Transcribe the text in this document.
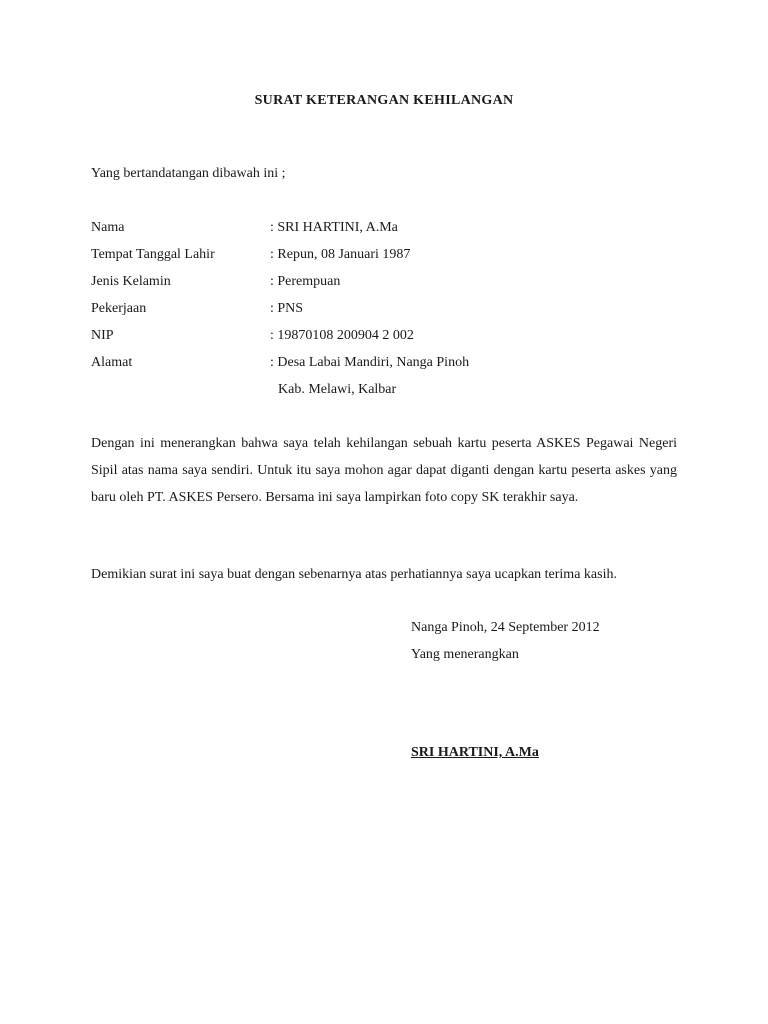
SURAT KETERANGAN KEHILANGAN
Yang bertandatangan dibawah ini ;
Nama	: SRI HARTINI, A.Ma
Tempat Tanggal Lahir	: Repun, 08 Januari 1987
Jenis Kelamin	: Perempuan
Pekerjaan	: PNS
NIP	: 19870108 200904 2 002
Alamat	: Desa Labai Mandiri, Nanga Pinoh
Kab. Melawi, Kalbar
Dengan ini menerangkan bahwa saya telah kehilangan sebuah kartu peserta ASKES Pegawai Negeri Sipil atas nama saya sendiri. Untuk itu saya mohon agar dapat diganti dengan kartu peserta askes yang baru oleh PT. ASKES Persero. Bersama ini saya lampirkan foto copy SK terakhir saya.
Demikian surat ini saya buat dengan sebenarnya atas perhatiannya saya ucapkan terima kasih.
Nanga Pinoh, 24 September 2012
Yang menerangkan
SRI HARTINI, A.Ma
